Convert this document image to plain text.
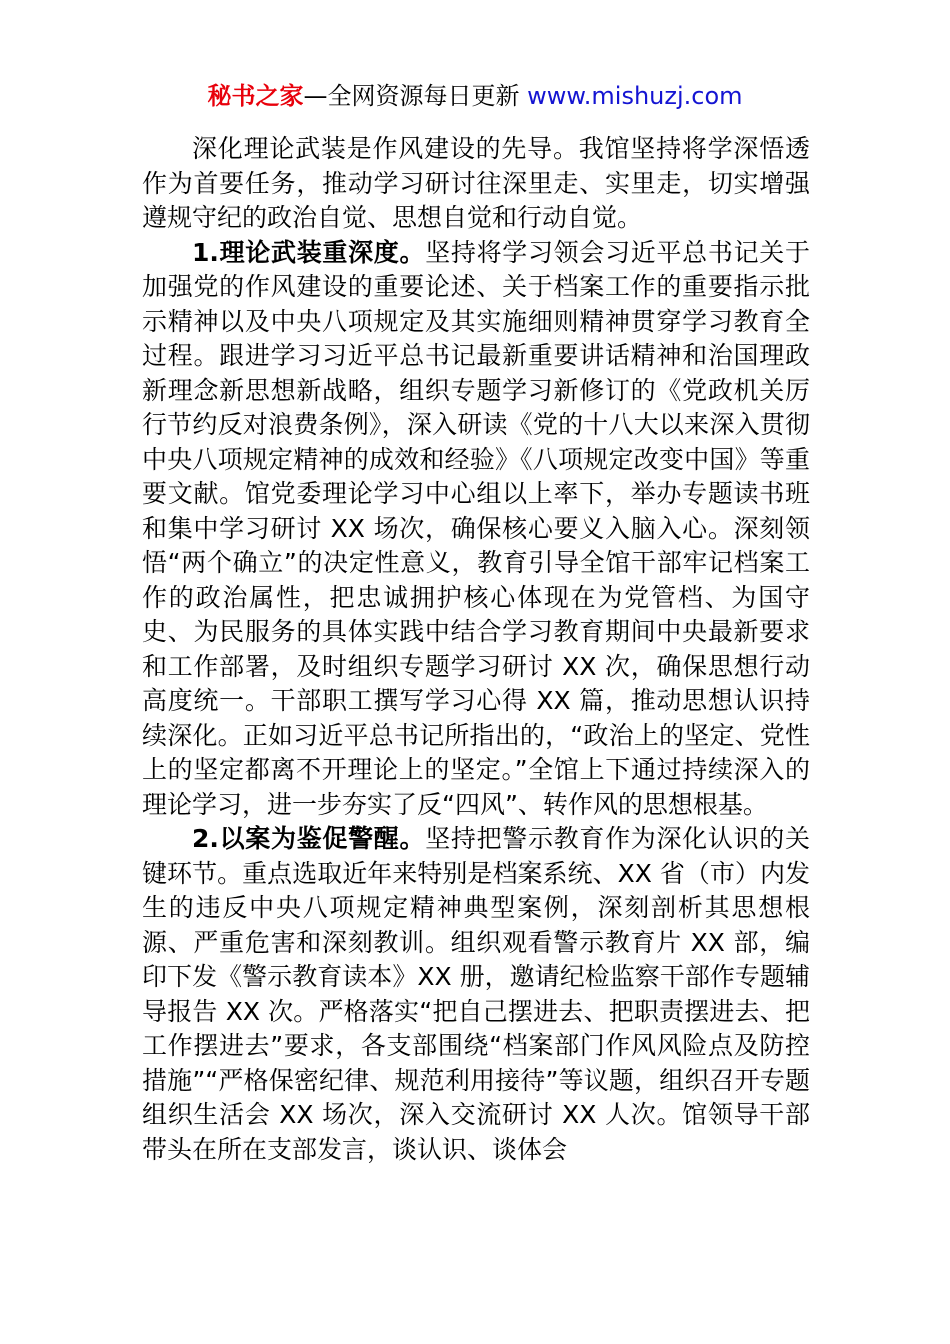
秘书之家—全网资源每日更新 www.mishuzj.com

深化理论武装是作风建设的先导。我馆坚持将学深悟透作为首要任务，推动学习研讨往深里走、实里走，切实增强遵规守纪的政治自觉、思想自觉和行动自觉。

1.理论武装重深度。坚持将学习领会习近平总书记关于加强党的作风建设的重要论述、关于档案工作的重要指示批示精神以及中央八项规定及其实施细则精神贯穿学习教育全过程。跟进学习习近平总书记最新重要讲话精神和治国理政新理念新思想新战略，组织专题学习新修订的《党政机关厉行节约反对浪费条例》，深入研读《党的十八大以来深入贯彻中央八项规定精神的成效和经验》《八项规定改变中国》等重要文献。馆党委理论学习中心组以上率下，举办专题读书班和集中学习研讨 XX 场次，确保核心要义入脑入心。深刻领悟“两个确立”的决定性意义，教育引导全馆干部牢记档案工作的政治属性，把忠诚拥护核心体现在为党管档、为国守史、为民服务的具体实践中结合学习教育期间中央最新要求和工作部署，及时组织专题学习研讨 XX 次，确保思想行动高度统一。干部职工撰写学习心得 XX 篇，推动思想认识持续深化。正如习近平总书记所指出的，“政治上的坚定、党性上的坚定都离不开理论上的坚定。”全馆上下通过持续深入的理论学习，进一步夯实了反“四风”、转作风的思想根基。

2.以案为鉴促警醒。坚持把警示教育作为深化认识的关键环节。重点选取近年来特别是档案系统、XX 省（市）内发生的违反中央八项规定精神典型案例，深刻剖析其思想根源、严重危害和深刻教训。组织观看警示教育片 XX 部，编印下发《警示教育读本》XX 册，邀请纪检监察干部作专题辅导报告 XX 次。严格落实“把自己摆进去、把职责摆进去、把工作摆进去”要求，各支部围绕“档案部门作风风险点及防控措施”“严格保密纪律、规范利用接待”等议题，组织召开专题组织生活会 XX 场次，深入交流研讨 XX 人次。馆领导干部带头在所在支部发言，谈认识、谈体会
